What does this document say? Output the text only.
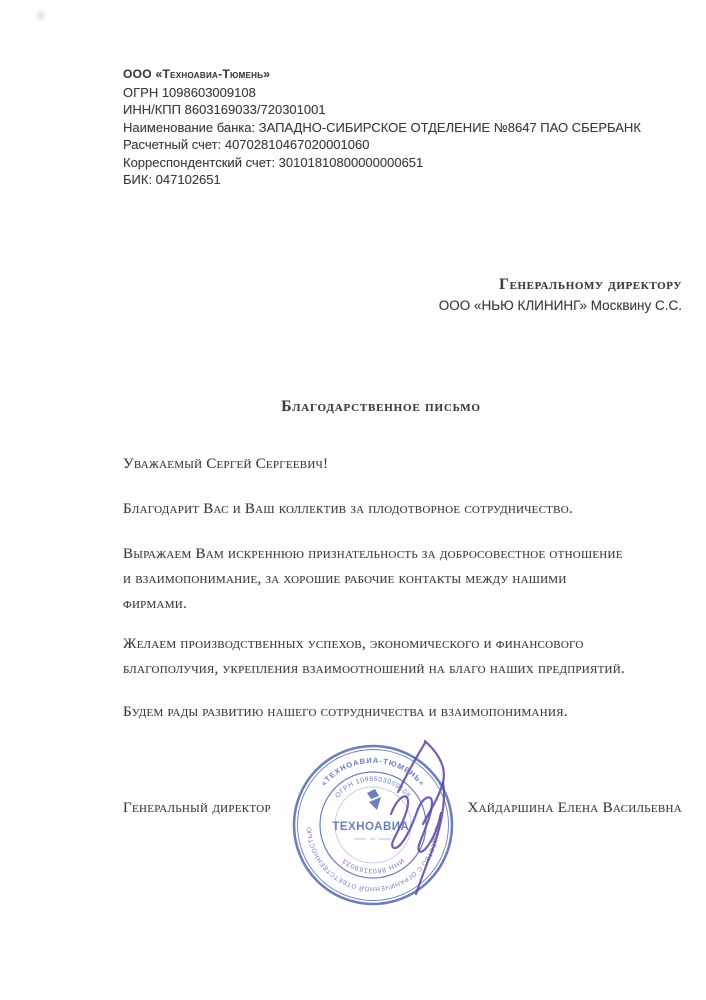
ООО «Техноавиа-Тюмень»
ОГРН 1098603009108
ИНН/КПП 8603169033/720301001
Наименование банка: ЗАПАДНО-СИБИРСКОЕ ОТДЕЛЕНИЕ №8647 ПАО СБЕРБАНК
Расчетный счет: 40702810467020001060
Корреспондентский счет: 30101810800000000651
БИК: 047102651
Генеральному директору
ООО «НЬЮ КЛИНИНГ» Москвину С.С.
Благодарственное письмо
Уважаемый Сергей Сергеевич!
Благодарит Вас и Ваш коллектив за плодотворное сотрудничество.
Выражаем Вам искреннюю признательность за добросовестное отношение
и взаимопонимание, за хорошие рабочие контакты между нашими
фирмами.
Желаем производственных успехов, экономического и финансового
благополучия, укрепления взаимоотношений на благо наших предприятий.
Будем рады развитию нашего сотрудничества и взаимопонимания.
Генеральный директор	Хайдаршина Елена Васильевна
«ТЕХНОАВИА-ТЮМЕНЬ»
ОБЩЕСТВО С ОГРАНИЧЕННОЙ ОТВЕТСТВЕННОСТЬЮ
ОГРН 1098603009108
ИНН 8603169033
ТЕХНОАВИА·
